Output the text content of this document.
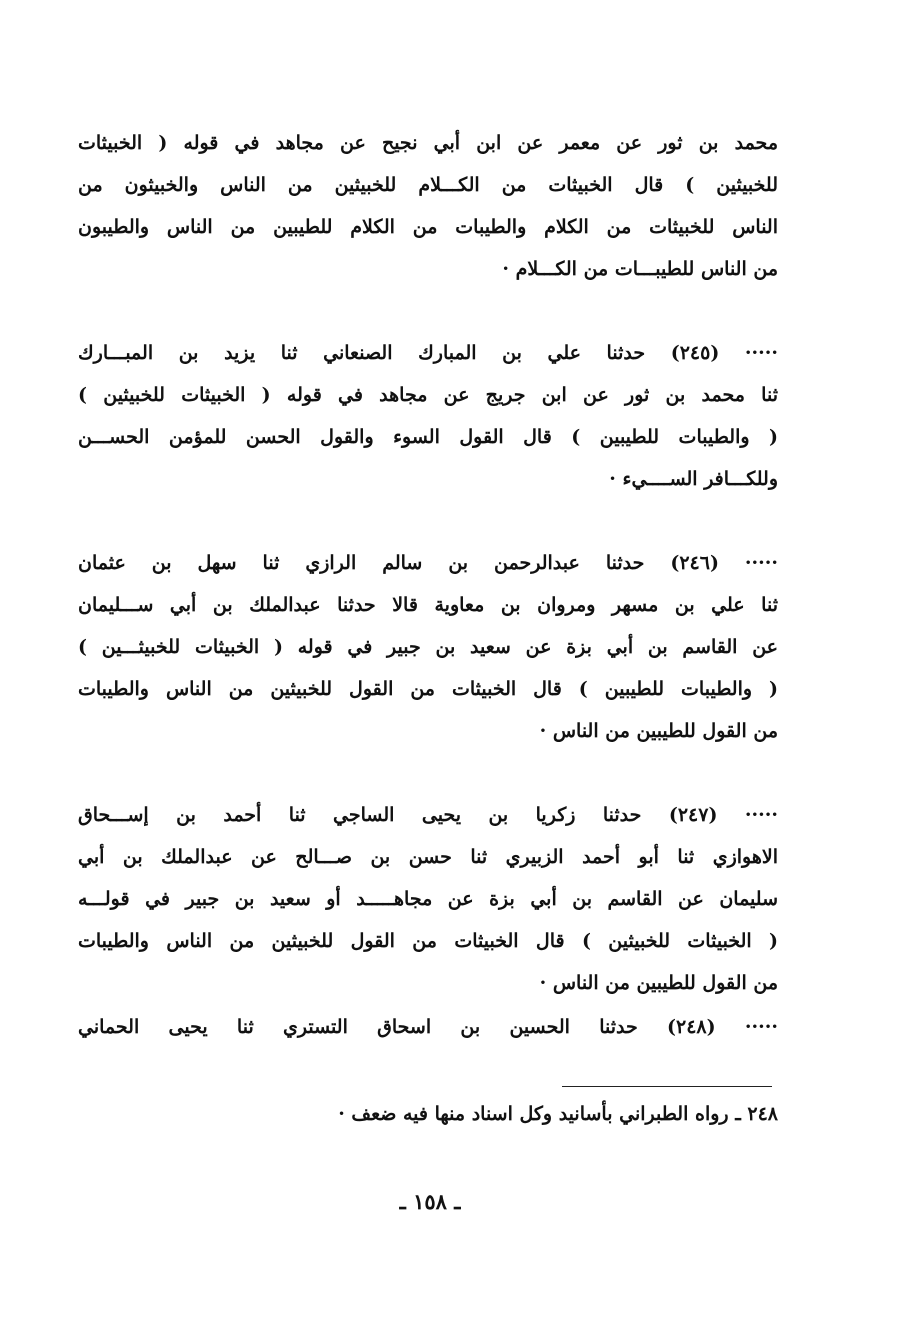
محمد بن ثور عن معمر عن ابن أبي نجيح عن مجاهد في قوله ( الخبيثات
للخبيثين ) قال الخبيثات من الكـــلام للخبيثين من الناس والخبيثون من
الناس للخبيثات من الكلام والطيبات من الكلام للطيبين من الناس والطيبون
من الناس للطيبـــات من الكـــلام ·
····· (٢٤٥) حدثنا علي بن المبارك الصنعاني ثنا يزيد بن المبـــارك
ثنا محمد بن ثور عن ابن جريج عن مجاهد في قوله ( الخبيثات للخبيثين )
( والطيبات للطيبين ) قال القول السوء والقول الحسن للمؤمن الحســـن
وللكـــافر الســــيء ·
····· (٢٤٦) حدثنا عبدالرحمن بن سالم الرازي ثنا سهل بن عثمان
ثنا علي بن مسهر ومروان بن معاوية قالا حدثنا عبدالملك بن أبي ســـليمان
عن القاسم بن أبي بزة عن سعيد بن جبير في قوله ( الخبيثات للخبيثـــين )
( والطيبات للطيبين ) قال الخبيثات من القول للخبيثين من الناس والطيبات
من القول للطيبين من الناس ·
····· (٢٤٧) حدثنا زكريا بن يحيى الساجي ثنا أحمد بن إســـحاق
الاهوازي ثنا أبو أحمد الزبيري ثنا حسن بن صـــالح عن عبدالملك بن أبي
سليمان عن القاسم بن أبي بزة عن مجاهـــــد أو سعيد بن جبير في قولـــه
( الخبيثات للخبيثين ) قال الخبيثات من القول للخبيثين من الناس والطيبات
من القول للطيبين من الناس ·
····· (٢٤٨) حدثنا الحسين بن اسحاق التستري ثنا يحيى الحماني
٢٤٨ ـ رواه الطبراني بأسانيد وكل اسناد منها فيه ضعف ·
ـ ١٥٨ ـ
